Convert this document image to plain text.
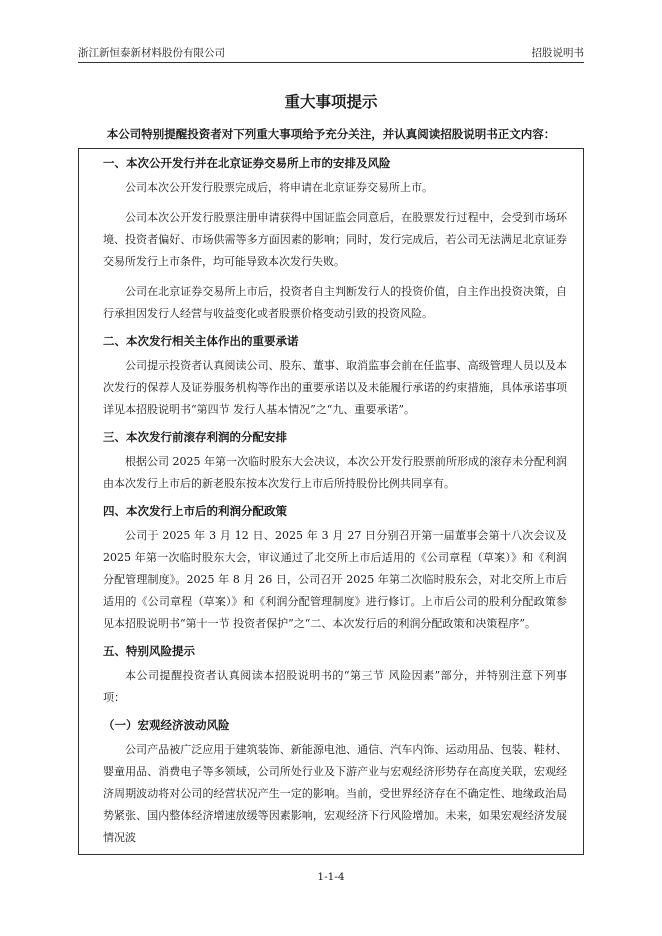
浙江新恒泰新材料股份有限公司	招股说明书
重大事项提示
本公司特别提醒投资者对下列重大事项给予充分关注，并认真阅读招股说明书正文内容：

一、本次公开发行并在北京证券交易所上市的安排及风险

公司本次公开发行股票完成后，将申请在北京证券交易所上市。

公司本次公开发行股票注册申请获得中国证监会同意后，在股票发行过程中，会受到市场环境、投资者偏好、市场供需等多方面因素的影响；同时，发行完成后，若公司无法满足北京证券交易所发行上市条件，均可能导致本次发行失败。

公司在北京证券交易所上市后，投资者自主判断发行人的投资价值，自主作出投资决策，自行承担因发行人经营与收益变化或者股票价格变动引致的投资风险。

二、本次发行相关主体作出的重要承诺

公司提示投资者认真阅读公司、股东、董事、取消监事会前在任监事、高级管理人员以及本次发行的保荐人及证券服务机构等作出的重要承诺以及未能履行承诺的约束措施，具体承诺事项详见本招股说明书“第四节 发行人基本情况”之“九、重要承诺”。

三、本次发行前滚存利润的分配安排

根据公司 2025 年第一次临时股东大会决议，本次公开发行股票前所形成的滚存未分配利润由本次发行上市后的新老股东按本次发行上市后所持股份比例共同享有。

四、本次发行上市后的利润分配政策

公司于 2025 年 3 月 12 日、2025 年 3 月 27 日分别召开第一届董事会第十八次会议及 2025 年第一次临时股东大会，审议通过了北交所上市后适用的《公司章程（草案）》和《利润分配管理制度》。2025 年 8 月 26 日，公司召开 2025 年第二次临时股东会，对北交所上市后适用的《公司章程（草案）》和《利润分配管理制度》进行修订。上市后公司的股利分配政策参见本招股说明书“第十一节 投资者保护”之“二、本次发行后的利润分配政策和决策程序”。

五、特别风险提示

本公司提醒投资者认真阅读本招股说明书的“第三节 风险因素”部分，并特别注意下列事项：

（一）宏观经济波动风险

公司产品被广泛应用于建筑装饰、新能源电池、通信、汽车内饰、运动用品、包装、鞋材、婴童用品、消费电子等多领域，公司所处行业及下游产业与宏观经济形势存在高度关联，宏观经济周期波动将对公司的经营状况产生一定的影响。当前，受世界经济存在不确定性、地缘政治局势紧张、国内整体经济增速放缓等因素影响，宏观经济下行风险增加。未来，如果宏观经济发展情况波

1-1-4
